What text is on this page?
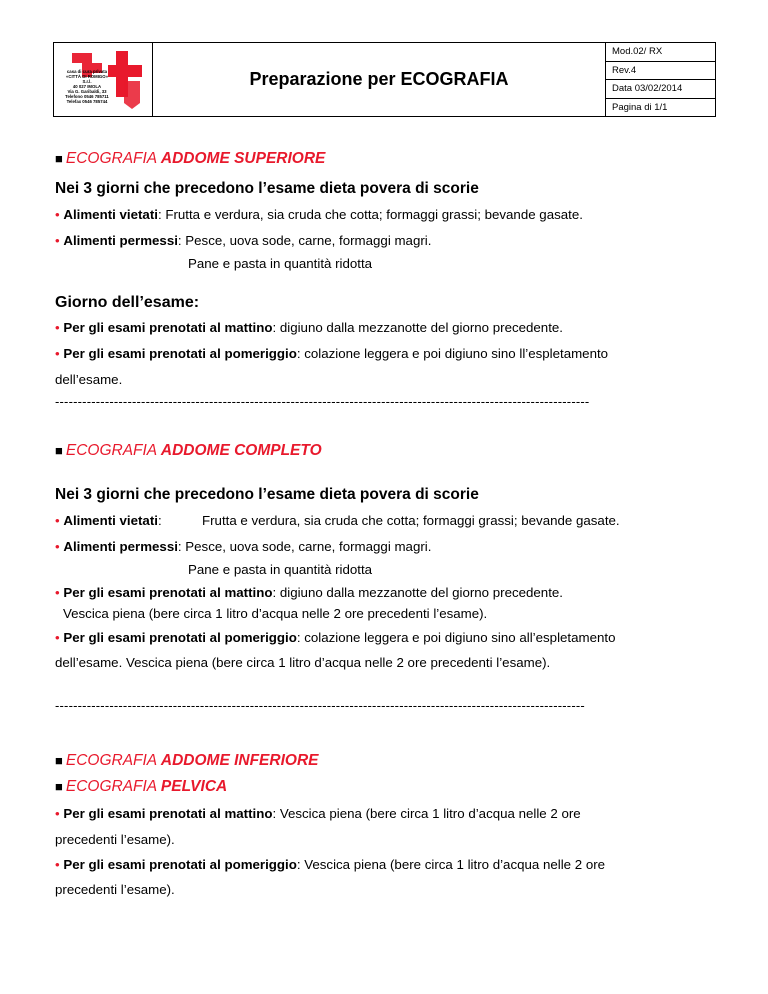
casa di cura privata
«CITTÀ DI ROMIGO»
S.r.l.
40 027 IMOLA
Via G. Garibaldi, 33
Telefono 0546 785711
Telefax 0546 785744
	Preparazione per ECOGRAFIA	Mod.02/ RX
Rev.4
Data 03/02/2014
Pagina di 1/1
■ ECOGRAFIA ADDOME SUPERIORE
Nei 3 giorni che precedono l’esame dieta povera di scorie
• Alimenti vietati: Frutta e verdura, sia cruda che cotta; formaggi grassi; bevande gasate.
• Alimenti permessi: Pesce, uova sode, carne, formaggi magri.
Pane e pasta in quantità ridotta
Giorno dell’esame:
• Per gli esami prenotati al mattino: digiuno dalla mezzanotte del giorno precedente.
• Per gli esami prenotati al pomeriggio: colazione leggera e poi digiuno sino ll’espletamento
dell’esame.
----------------------------------------------------------------------------------------------------------------------
■ ECOGRAFIA ADDOME COMPLETO
Nei 3 giorni che precedono l’esame dieta povera di scorie
• Alimenti vietati:	Frutta e verdura, sia cruda che cotta; formaggi grassi; bevande gasate.
• Alimenti permessi: Pesce, uova sode, carne, formaggi magri.
Pane e pasta in quantità ridotta
• Per gli esami prenotati al mattino: digiuno dalla mezzanotte del giorno precedente.
Vescica piena (bere circa 1 litro d’acqua nelle 2 ore precedenti l’esame).
• Per gli esami prenotati al pomeriggio: colazione leggera e poi digiuno sino all’espletamento
dell’esame. Vescica piena (bere circa 1 litro d’acqua nelle 2 ore precedenti l’esame).
---------------------------------------------------------------------------------------------------------------------
■ ECOGRAFIA ADDOME INFERIORE
■ ECOGRAFIA PELVICA
• Per gli esami prenotati al mattino: Vescica piena (bere circa 1 litro d’acqua nelle 2 ore
precedenti l’esame).
• Per gli esami prenotati al pomeriggio: Vescica piena (bere circa 1 litro d’acqua nelle 2 ore
precedenti l’esame).
